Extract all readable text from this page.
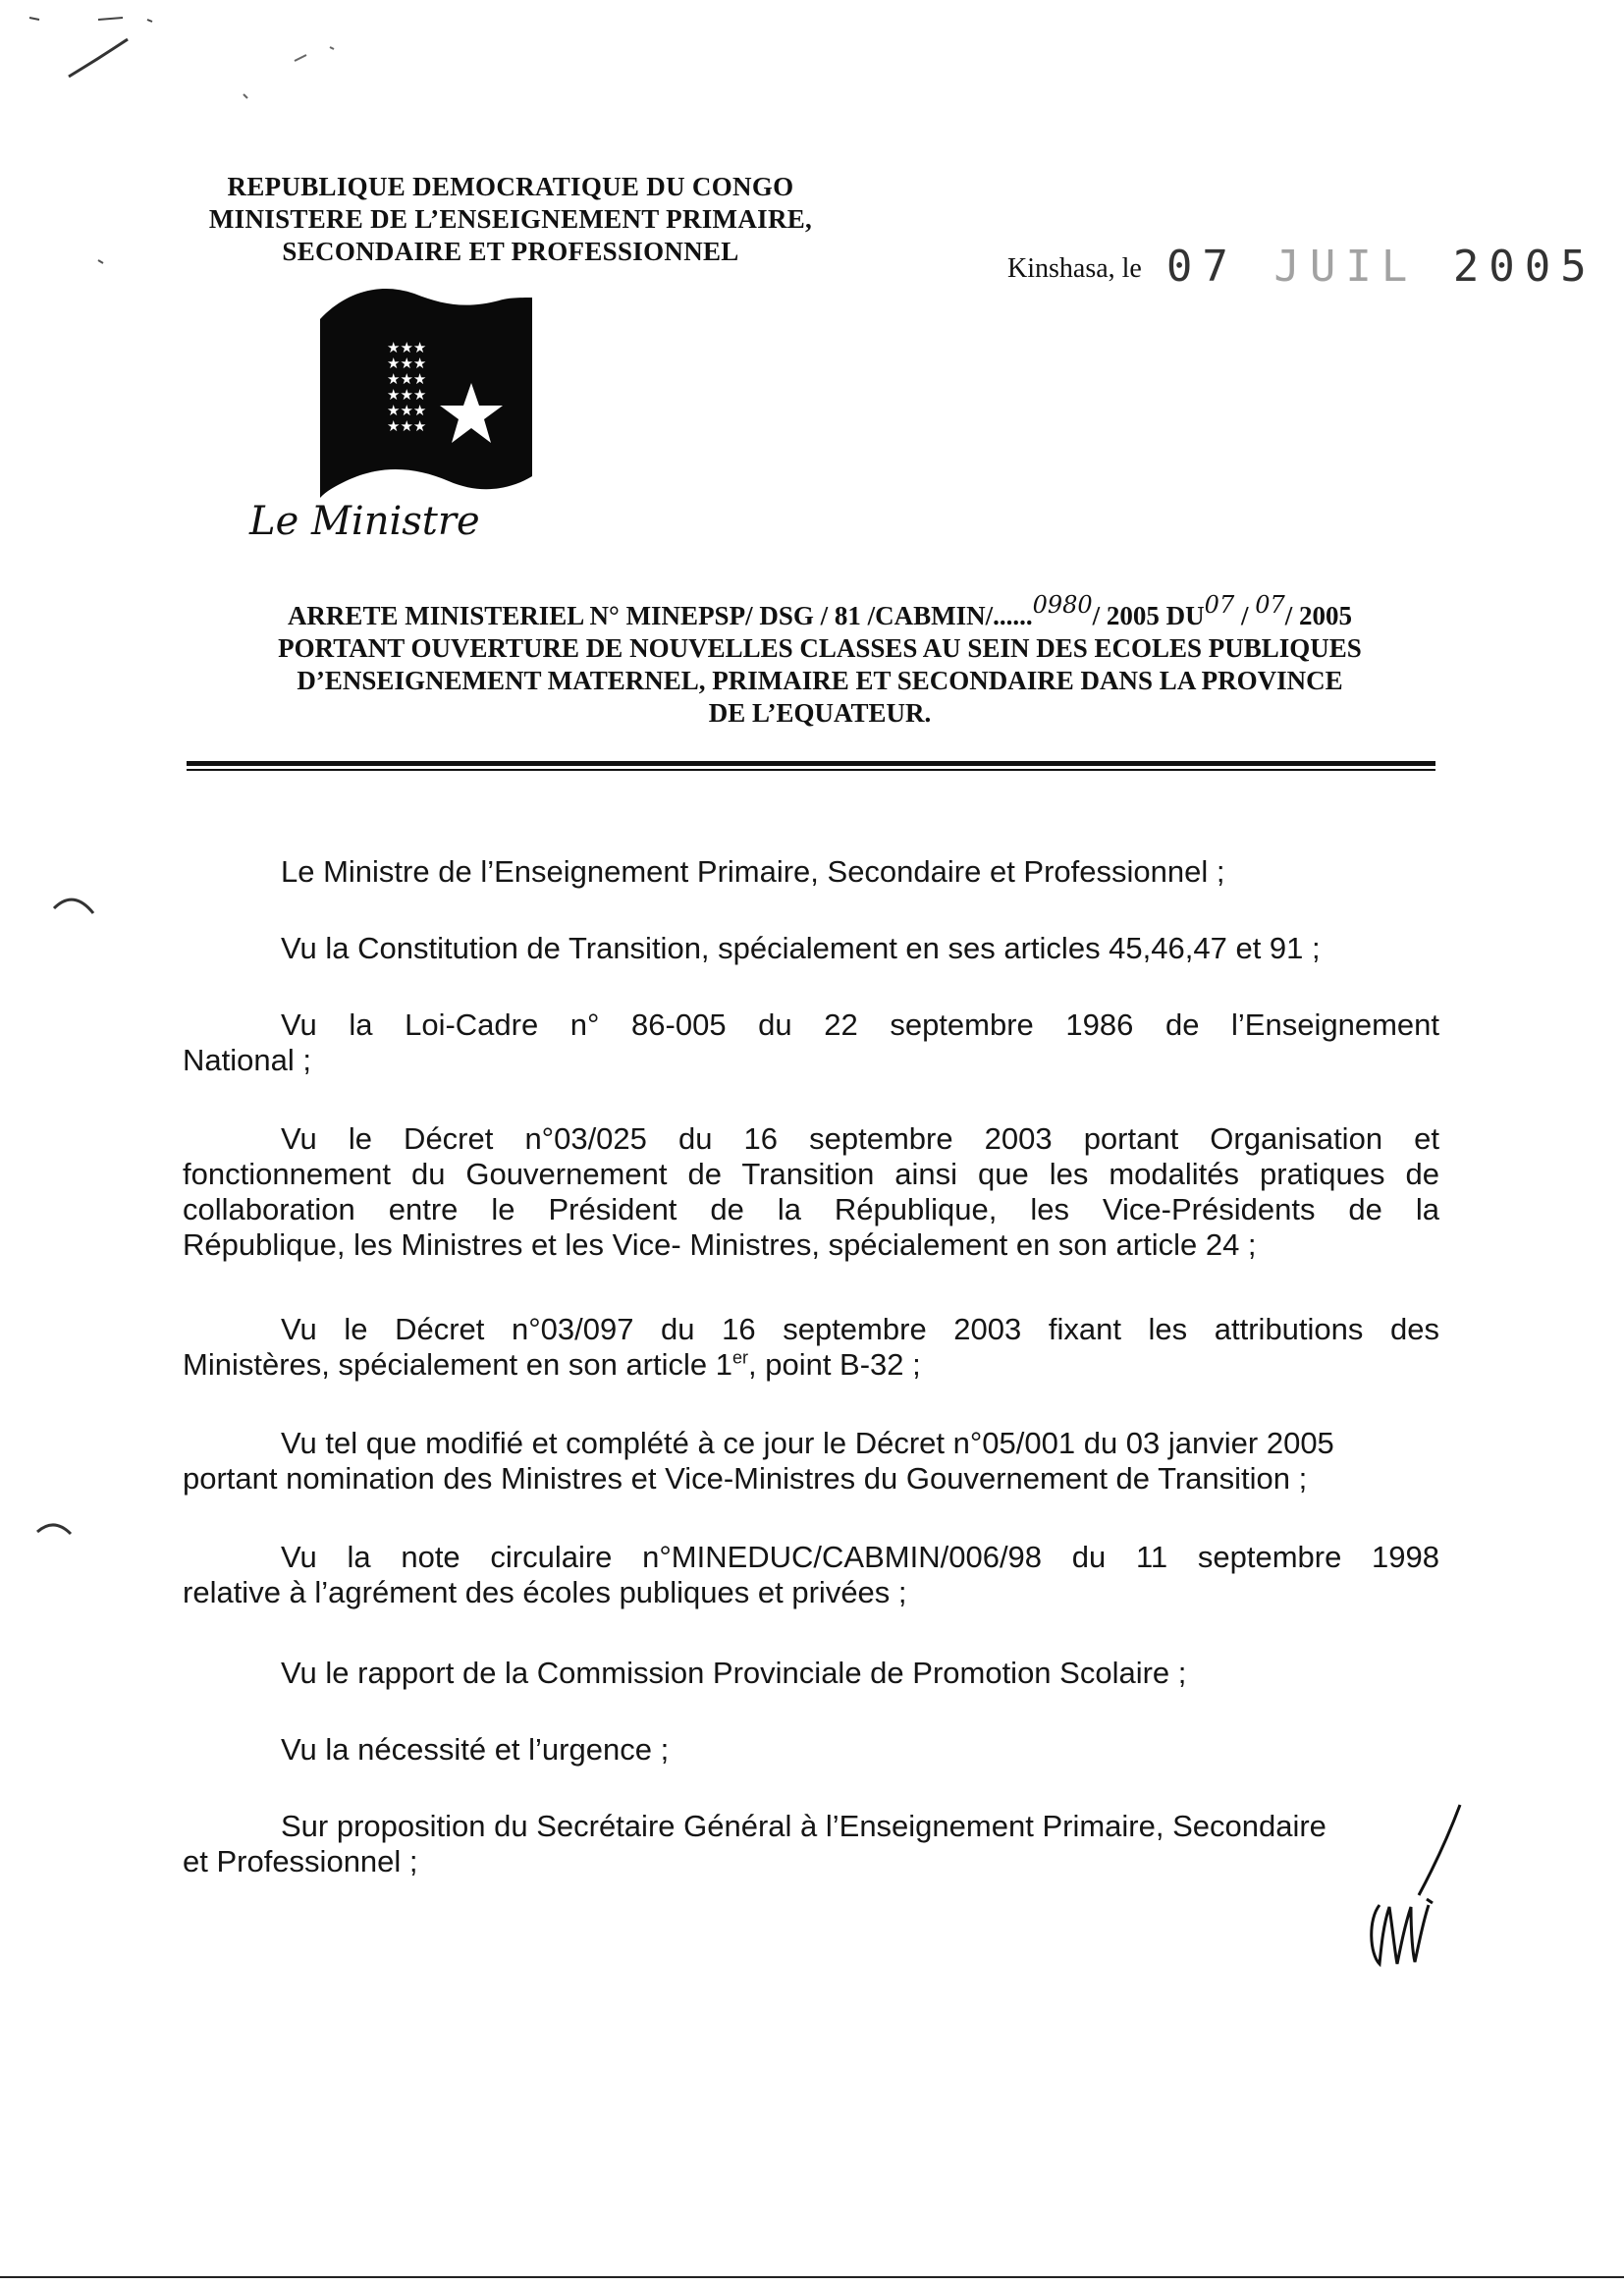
REPUBLIQUE DEMOCRATIQUE DU CONGO
MINISTERE DE L’ENSEIGNEMENT PRIMAIRE,
SECONDAIRE ET PROFESSIONNEL
Kinshasa, le 07 JUIL 2005
★★★
★★★
★★★
★★★
★★★
★★★
Le Ministre
ARRETE MINISTERIEL N° MINEPSP/ DSG / 81 /CABMIN/......0980/ 2005 DU07 / 07/ 2005
PORTANT OUVERTURE DE NOUVELLES CLASSES AU SEIN DES ECOLES PUBLIQUES
D’ENSEIGNEMENT MATERNEL, PRIMAIRE ET SECONDAIRE DANS LA PROVINCE
DE L’EQUATEUR.

Le Ministre de l’Enseignement Primaire, Secondaire et Professionnel ;

Vu la Constitution de Transition, spécialement en ses articles 45,46,47 et 91 ;

Vu la Loi-Cadre n° 86-005 du 22 septembre 1986 de l’Enseignement

National ;

Vu le Décret n°03/025 du 16 septembre 2003 portant Organisation et

fonctionnement du Gouvernement de Transition ainsi que les modalités pratiques de

collaboration entre le Président de la République, les Vice-Présidents de la

République, les Ministres et les Vice- Ministres, spécialement en son article 24 ;

Vu le Décret n°03/097 du 16 septembre 2003 fixant les attributions des

Ministères, spécialement en son article 1er, point B-32 ;

Vu tel que modifié et complété à ce jour le Décret n°05/001 du 03 janvier 2005

portant nomination des Ministres et Vice-Ministres du Gouvernement de Transition ;

Vu la note circulaire n°MINEDUC/CABMIN/006/98 du 11 septembre 1998

relative à l’agrément des écoles publiques et privées ;

Vu le rapport de la Commission Provinciale de Promotion Scolaire ;

Vu la nécessité et l’urgence ;

Sur proposition du Secrétaire Général à l’Enseignement Primaire, Secondaire

et Professionnel ;
